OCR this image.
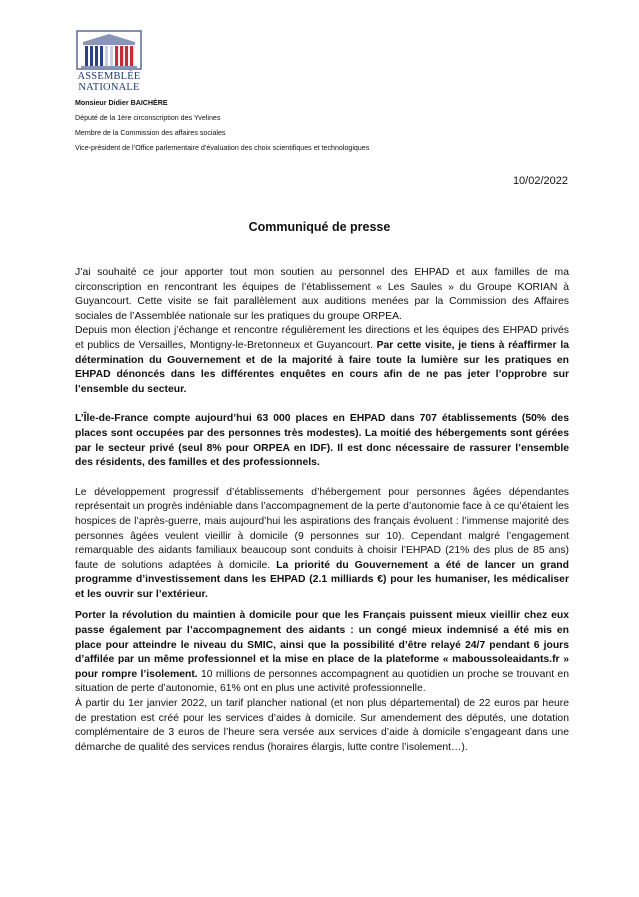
ASSEMBLÉE
NATIONALE
Monsieur Didier BAICHÈRE
Député de la 1ère circonscription des Yvelines
Membre de la Commission des affaires sociales
Vice-président de l’Office parlementaire d’évaluation des choix scientifiques et technologiques
10/02/2022
Communiqué de presse

J’ai souhaité ce jour apporter tout mon soutien au personnel des EHPAD et aux familles de ma circonscription en rencontrant les équipes de l’établissement « Les Saules » du Groupe KORIAN à Guyancourt. Cette visite se fait parallèlement aux auditions menées par la Commission des Affaires sociales de l’Assemblée nationale sur les pratiques du groupe ORPEA.

Depuis mon élection j’échange et rencontre régulièrement les directions et les équipes des EHPAD privés et publics de Versailles, Montigny-le-Bretonneux et Guyancourt. Par cette visite, je tiens à réaffirmer la détermination du Gouvernement et de la majorité à faire toute la lumière sur les pratiques en EHPAD dénoncés dans les différentes enquêtes en cours afin de ne pas jeter l’opprobre sur l’ensemble du secteur.

L’Île-de-France compte aujourd’hui 63 000 places en EHPAD dans 707 établissements (50% des places sont occupées par des personnes très modestes). La moitié des hébergements sont gérées par le secteur privé (seul 8% pour ORPEA en IDF). Il est donc nécessaire de rassurer l’ensemble des résidents, des familles et des professionnels.

Le développement progressif d’établissements d’hébergement pour personnes âgées dépendantes représentait un progrès indéniable dans l’accompagnement de la perte d’autonomie face à ce qu’étaient les hospices de l’après-guerre, mais aujourd’hui les aspirations des français évoluent : l’immense majorité des personnes âgées veulent vieillir à domicile (9 personnes sur 10). Cependant malgré l’engagement remarquable des aidants familiaux beaucoup sont conduits à choisir l’EHPAD (21% des plus de 85 ans) faute de solutions adaptées à domicile. La priorité du Gouvernement a été de lancer un grand programme d’investissement dans les EHPAD (2.1 milliards €) pour les humaniser, les médicaliser et les ouvrir sur l’extérieur.

Porter la révolution du maintien à domicile pour que les Français puissent mieux vieillir chez eux passe également par l’accompagnement des aidants : un congé mieux indemnisé a été mis en place pour atteindre le niveau du SMIC, ainsi que la possibilité d’être relayé 24/7 pendant 6 jours d’affilée par un même professionnel et la mise en place de la plateforme « maboussoleaidants.fr » pour rompre l’isolement. 10 millions de personnes accompagnent au quotidien un proche se trouvant en situation de perte d’autonomie, 61% ont en plus une activité professionnelle.

À partir du 1er janvier 2022, un tarif plancher national (et non plus départemental) de 22 euros par heure de prestation est créé pour les services d’aides à domicile. Sur amendement des députés, une dotation complémentaire de 3 euros de l’heure sera versée aux services d’aide à domicile s’engageant dans une démarche de qualité des services rendus (horaires élargis, lutte contre l’isolement…).
